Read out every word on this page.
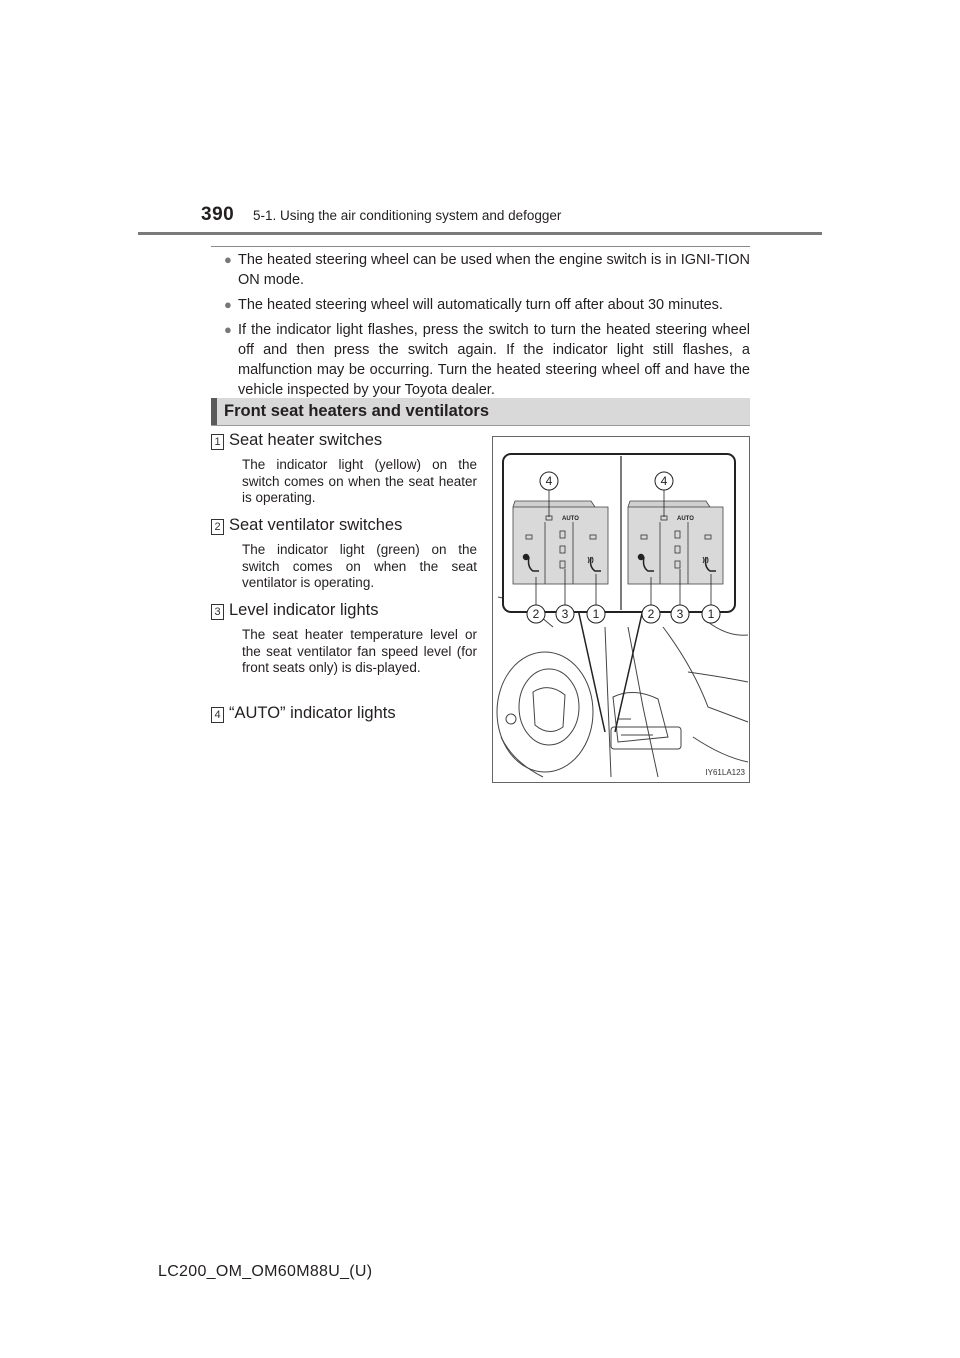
390 5-1. Using the air conditioning system and defogger
● The heated steering wheel can be used when the engine switch is in IGNI-TION ON mode.
● The heated steering wheel will automatically turn off after about 30 minutes.
● If the indicator light flashes, press the switch to turn the heated steering wheel off and then press the switch again. If the indicator light still flashes, a malfunction may be occurring. Turn the heated steering wheel off and have the vehicle inspected by your Toyota dealer.
Front seat heaters and ventilators
1 Seat heater switches
The indicator light (yellow) on the switch comes on when the seat heater is operating.
2 Seat ventilator switches
The indicator light (green) on the switch comes on when the seat ventilator is operating.
3 Level indicator lights
The seat heater temperature level or the seat ventilator fan speed level (for front seats only) is dis-played.
4 “AUTO” indicator lights
AUTO	AUTO
4	4
2 3 1	2 3 1
IY61LA123
LC200_OM_OM60M88U_(U)
